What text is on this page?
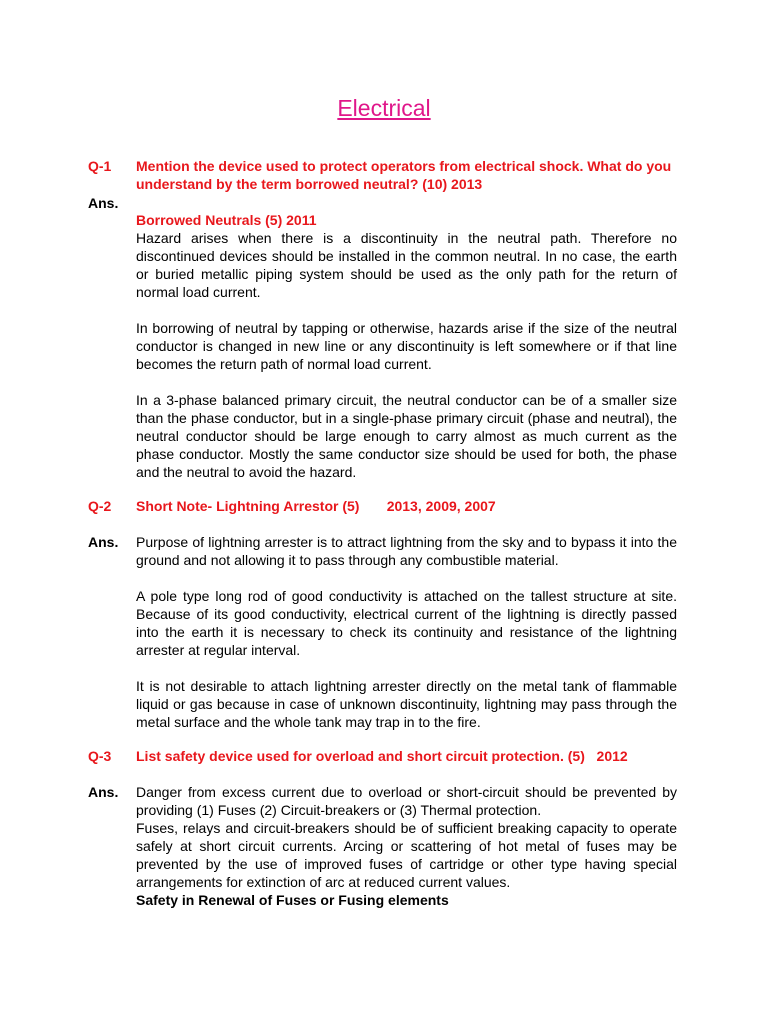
Electrical
Q-1 Mention the device used to protect operators from electrical shock. What do you understand by the term borrowed neutral? (10) 2013
Ans.
Borrowed Neutrals (5) 2011
Hazard arises when there is a discontinuity in the neutral path. Therefore no discontinued devices should be installed in the common neutral. In no case, the earth or buried metallic piping system should be used as the only path for the return of normal load current.
In borrowing of neutral by tapping or otherwise, hazards arise if the size of the neutral conductor is changed in new line or any discontinuity is left somewhere or if that line becomes the return path of normal load current.
In a 3-phase balanced primary circuit, the neutral conductor can be of a smaller size than the phase conductor, but in a single-phase primary circuit (phase and neutral), the neutral conductor should be large enough to carry almost as much current as the phase conductor. Mostly the same conductor size should be used for both, the phase and the neutral to avoid the hazard.
Q-2 Short Note- Lightning Arrestor (5)       2013, 2009, 2007
Ans. Purpose of lightning arrester is to attract lightning from the sky and to bypass it into the ground and not allowing it to pass through any combustible material.
A pole type long rod of good conductivity is attached on the tallest structure at site. Because of its good conductivity, electrical current of the lightning is directly passed into the earth it is necessary to check its continuity and resistance of the lightning arrester at regular interval.
It is not desirable to attach lightning arrester directly on the metal tank of flammable liquid or gas because in case of unknown discontinuity, lightning may pass through the metal surface and the whole tank may trap in to the fire.
Q-3 List safety device used for overload and short circuit protection. (5)   2012
Ans. Danger from excess current due to overload or short-circuit should be prevented by providing (1) Fuses (2) Circuit-breakers or (3) Thermal protection.
Fuses, relays and circuit-breakers should be of sufficient breaking capacity to operate safely at short circuit currents. Arcing or scattering of hot metal of fuses may be prevented by the use of improved fuses of cartridge or other type having special arrangements for extinction of arc at reduced current values.
Safety in Renewal of Fuses or Fusing elements
